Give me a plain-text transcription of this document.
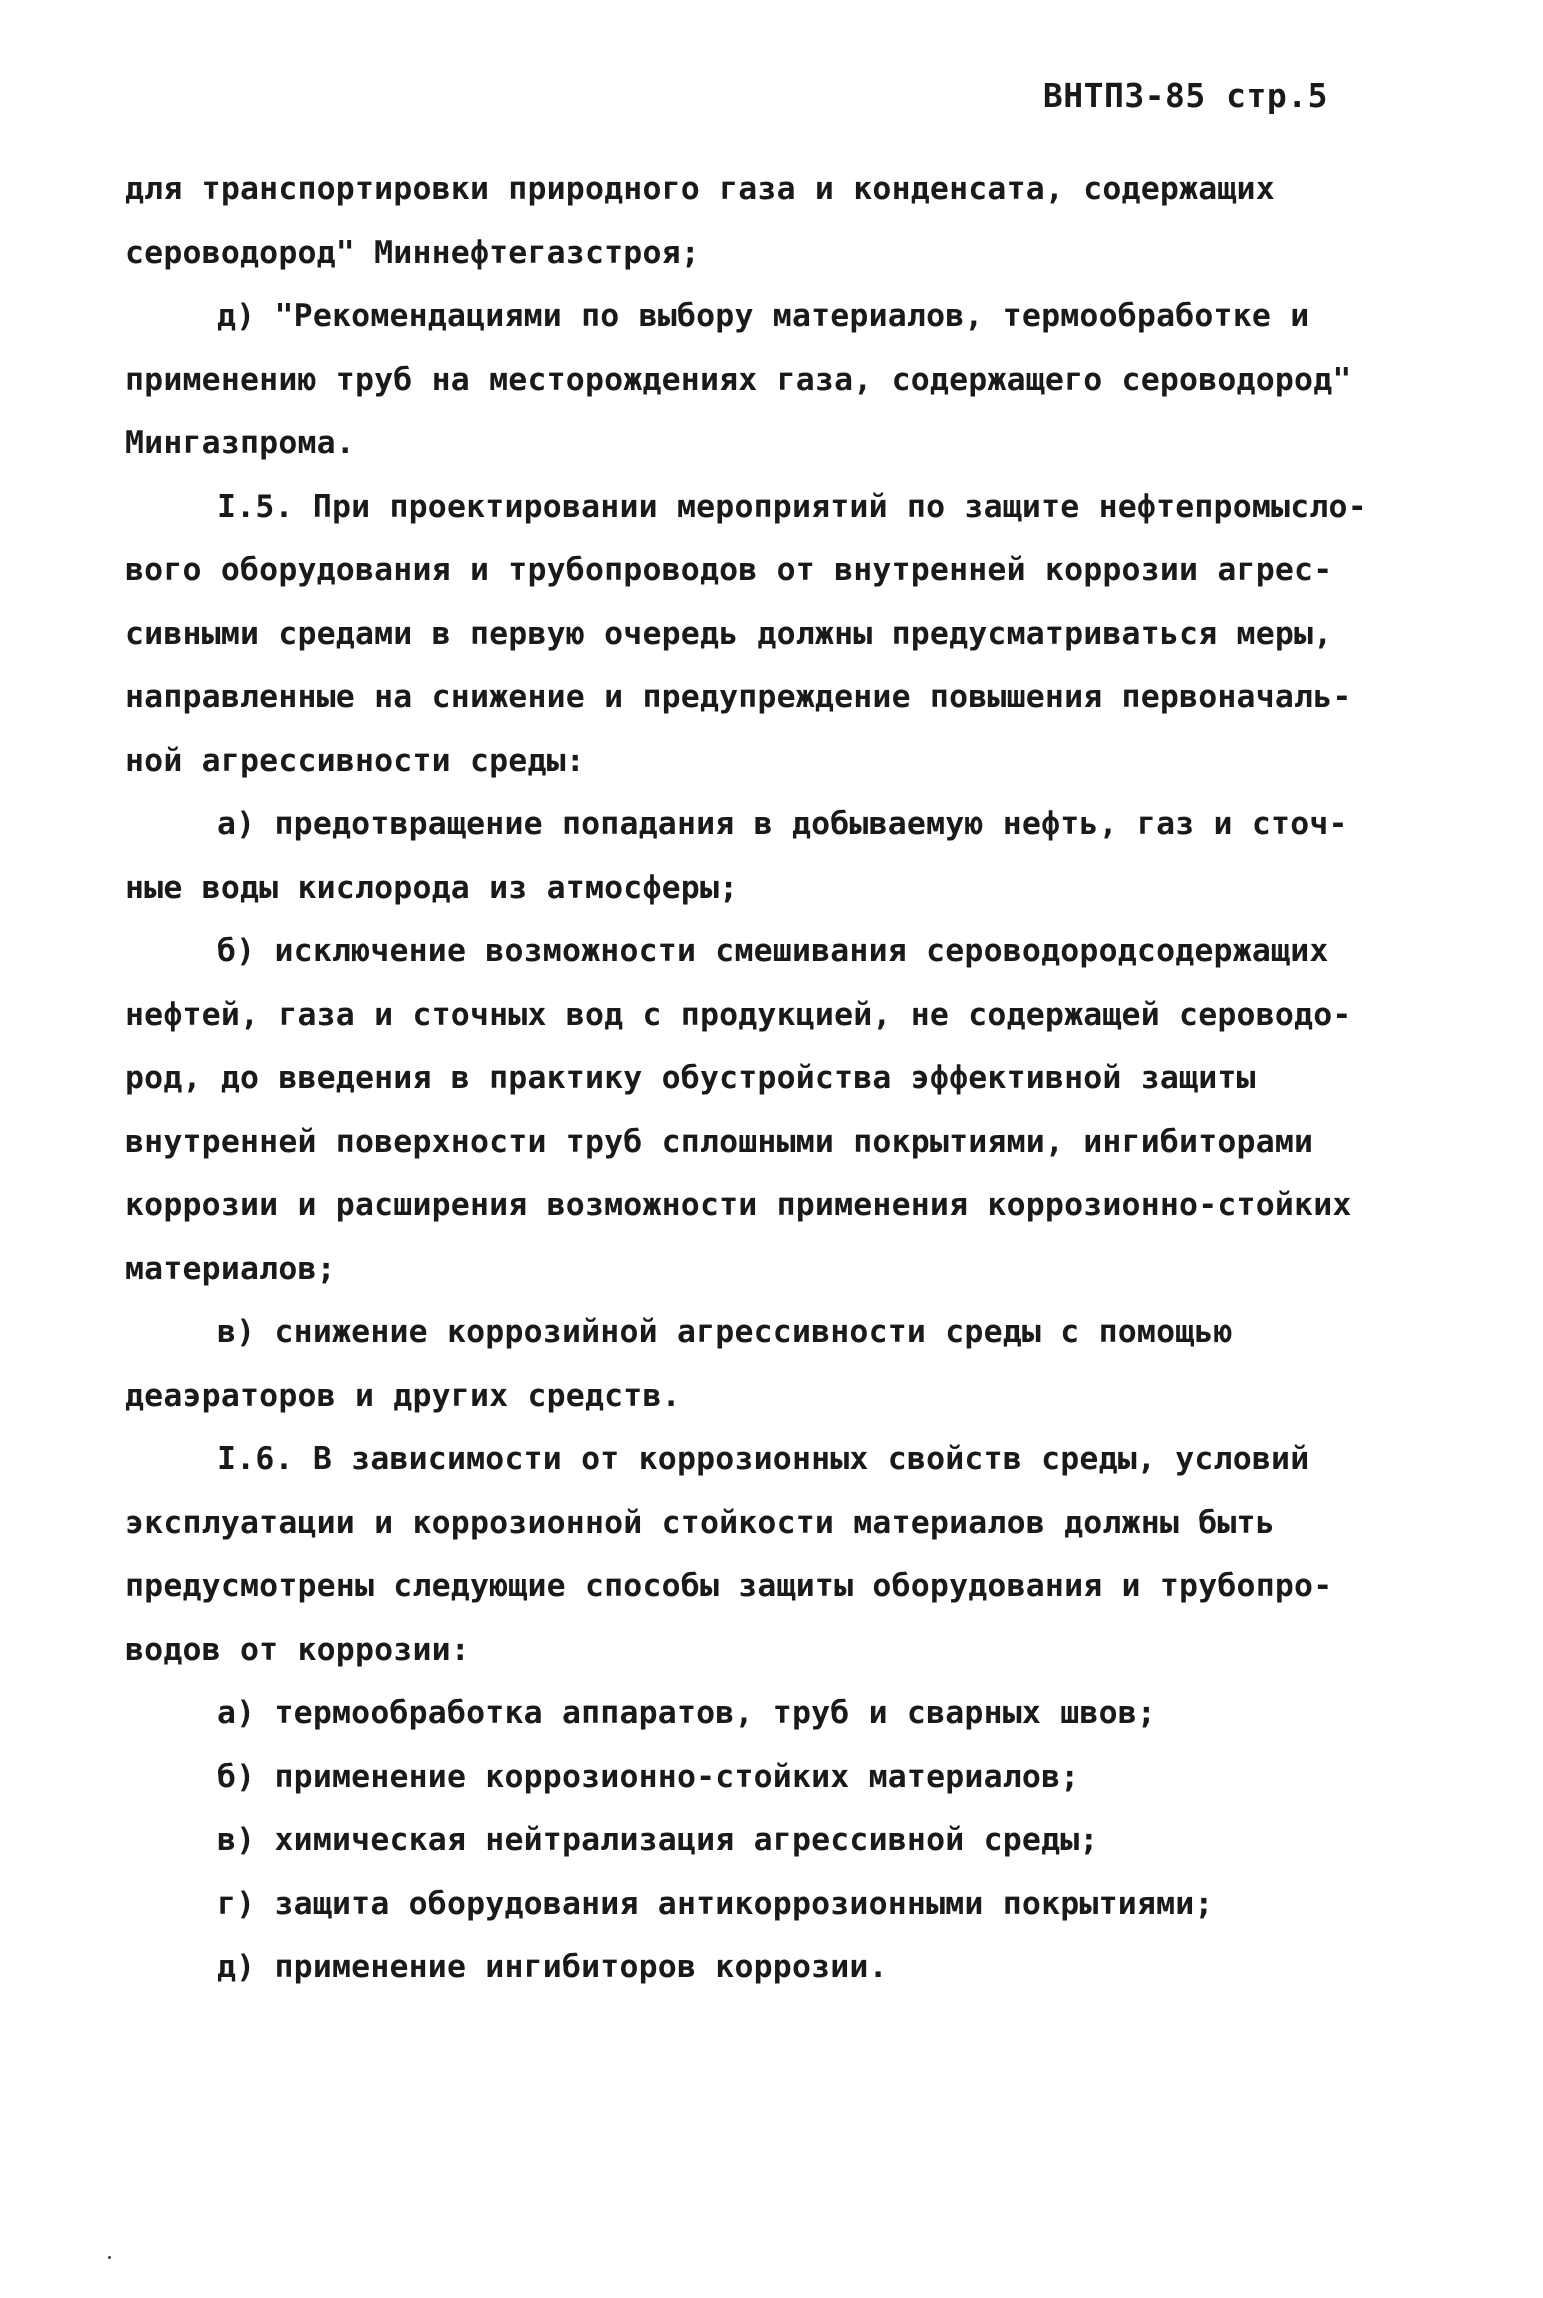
ВНТПЗ-85 стр.5
для транспортировки природного газа и конденсата, содержащих
сероводород" Миннефтегазстроя;
д) "Рекомендациями по выбору материалов, термообработке и
применению труб на месторождениях газа, содержащего сероводород"
Мингазпрома.
I.5. При проектировании мероприятий по защите нефтепромысло-
вого оборудования и трубопроводов от внутренней коррозии агрес-
сивными средами в первую очередь должны предусматриваться меры,
направленные на снижение и предупреждение повышения первоначаль-
ной агрессивности среды:
а) предотвращение попадания в добываемую нефть, газ и сточ-
ные воды кислорода из атмосферы;
б) исключение возможности смешивания сероводородсодержащих
нефтей, газа и сточных вод с продукцией, не содержащей сероводо-
род, до введения в практику обустройства эффективной защиты
внутренней поверхности труб сплошными покрытиями, ингибиторами
коррозии и расширения возможности применения коррозионно-стойких
материалов;
в) снижение коррозийной агрессивности среды с помощью
деаэраторов и других средств.
I.6. В зависимости от коррозионных свойств среды, условий
эксплуатации и коррозионной стойкости материалов должны быть
предусмотрены следующие способы защиты оборудования и трубопро-
водов от коррозии:
а) термообработка аппаратов, труб и сварных швов;
б) применение коррозионно-стойких материалов;
в) химическая нейтрализация агрессивной среды;
г) защита оборудования антикоррозионными покрытиями;
д) применение ингибиторов коррозии.
